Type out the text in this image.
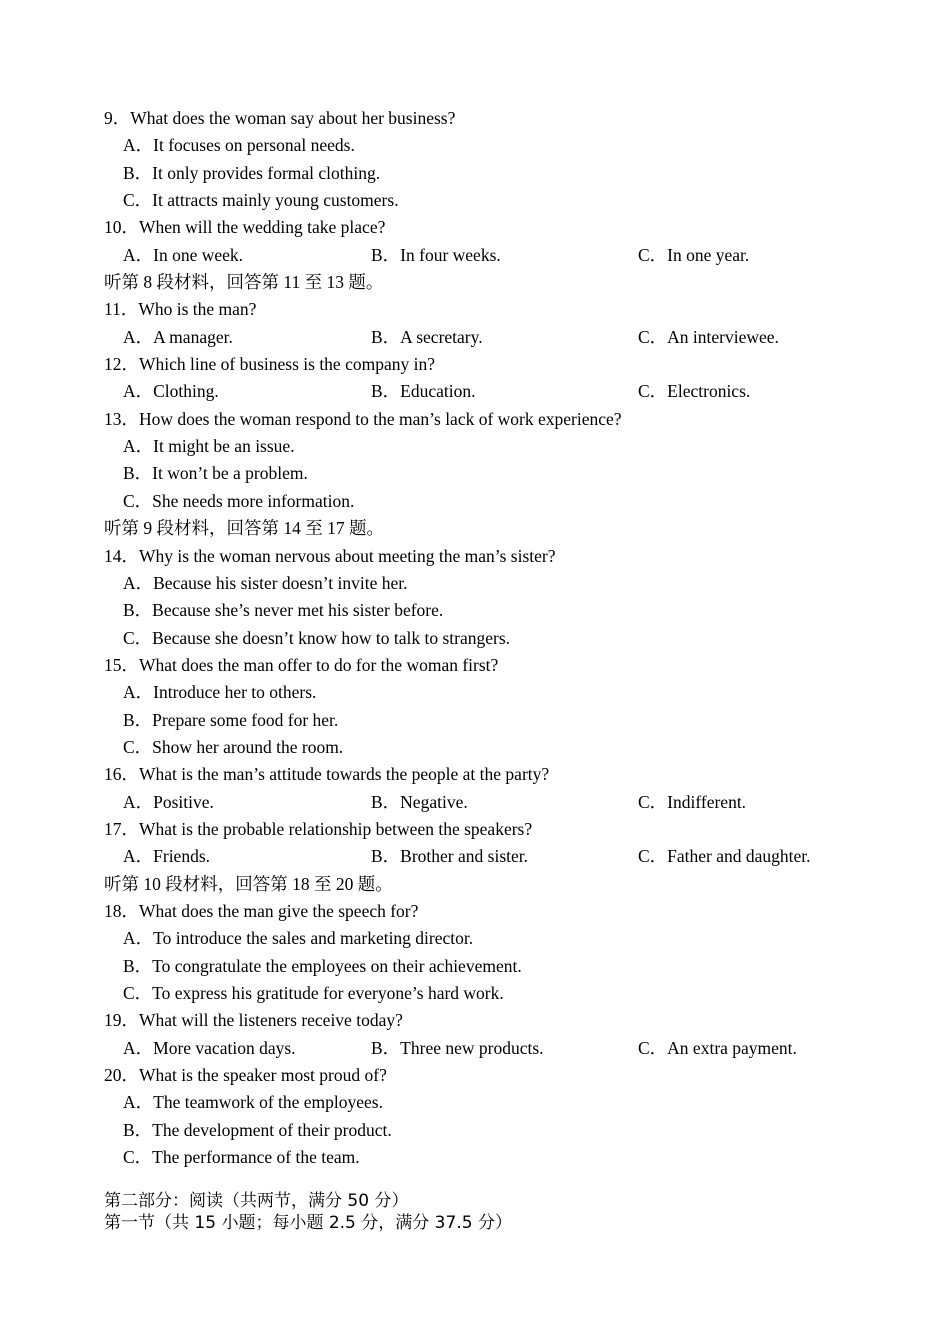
9．What does the woman say about her business?
A．It focuses on personal needs.
B．It only provides formal clothing.
C．It attracts mainly young customers.
10．When will the wedding take place?
A．In one week.	B．In four weeks.	C．In one year.
听第 8 段材料，回答第 11 至 13 题。
11．Who is the man?
A．A manager.	B．A secretary.	C．An interviewee.
12．Which line of business is the company in?
A．Clothing.	B．Education.	C．Electronics.
13．How does the woman respond to the man’s lack of work experience?
A．It might be an issue.
B．It won’t be a problem.
C．She needs more information.
听第 9 段材料，回答第 14 至 17 题。
14．Why is the woman nervous about meeting the man’s sister?
A．Because his sister doesn’t invite her.
B．Because she’s never met his sister before.
C．Because she doesn’t know how to talk to strangers.
15．What does the man offer to do for the woman first?
A．Introduce her to others.
B．Prepare some food for her.
C．Show her around the room.
16．What is the man’s attitude towards the people at the party?
A．Positive.	B．Negative.	C．Indifferent.
17．What is the probable relationship between the speakers?
A．Friends.	B．Brother and sister.	C．Father and daughter.
听第 10 段材料，回答第 18 至 20 题。
18．What does the man give the speech for?
A．To introduce the sales and marketing director.
B．To congratulate the employees on their achievement.
C．To express his gratitude for everyone’s hard work.
19．What will the listeners receive today?
A．More vacation days.	B．Three new products.	C．An extra payment.
20．What is the speaker most proud of?
A．The teamwork of the employees.
B．The development of their product.
C．The performance of the team.
第二部分：阅读（共两节，满分 50 分）
第一节（共 15 小题；每小题 2.5 分，满分 37.5 分）
